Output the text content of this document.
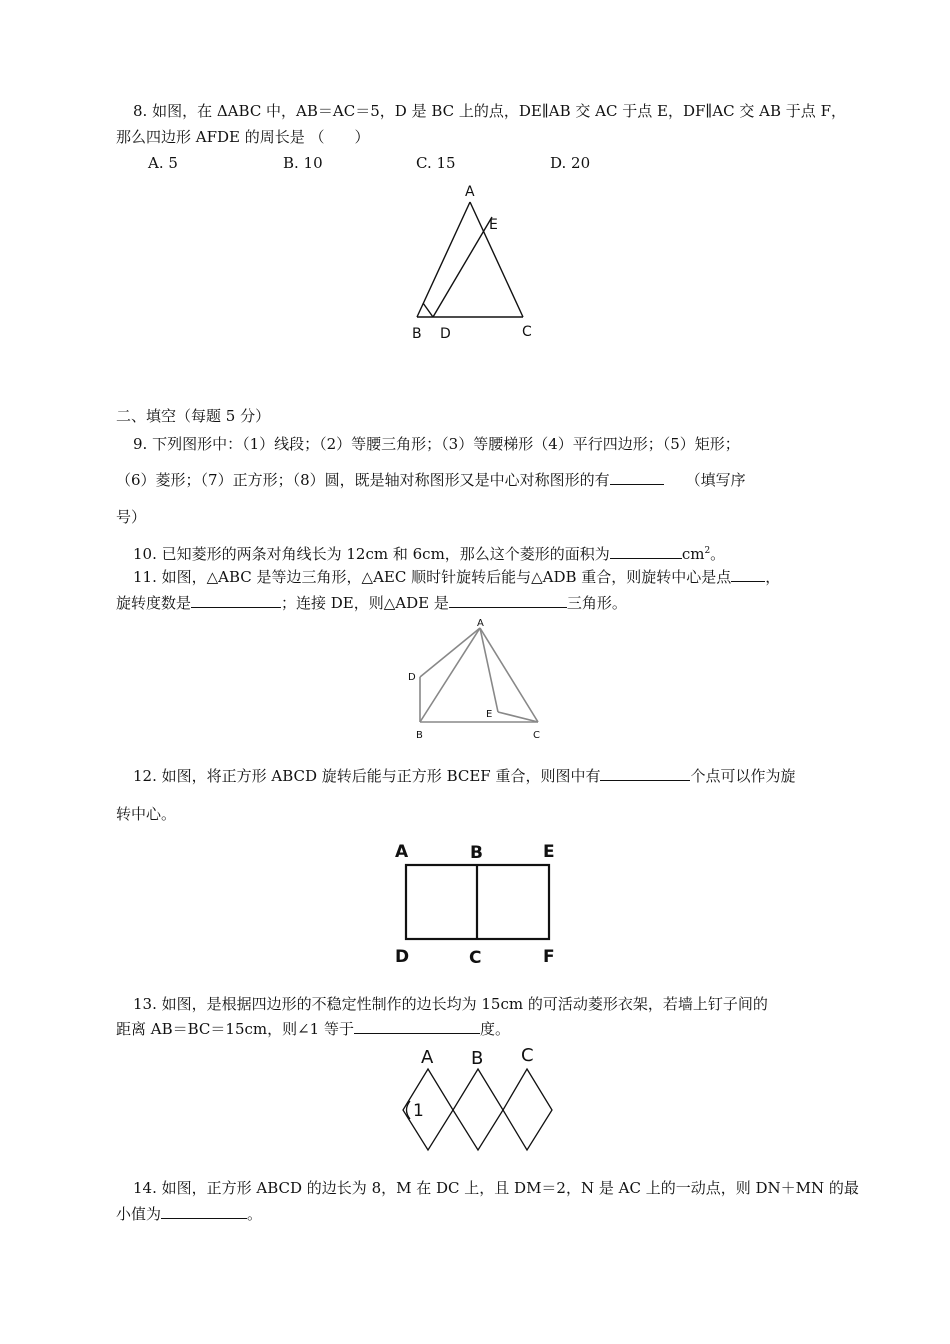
8. 如图，在 ΔABC 中，AB＝AC＝5，D 是 BC 上的点，DE∥AB 交 AC 于点 E，DF∥AC 交 AB 于点 F，
那么四边形 AFDE 的周长是 （　　）
A. 5	B. 10	C. 15	D. 20
A
E
B D	C
二、填空（每题 5 分）
9. 下列图形中：（1）线段；（2）等腰三角形；（3）等腰梯形（4）平行四边形；（5）矩形；
（6）菱形；（7）正方形；（8）圆，既是轴对称图形又是中心对称图形的有	（填写序
号）
10. 已知菱形的两条对角线长为 12cm 和 6cm，那么这个菱形的面积为	$cm^2$。
11. 如图，△ABC 是等边三角形，△AEC 顺时针旋转后能与△ADB 重合，则旋转中心是点 ，
旋转度数是	；连接 DE，则△ADE 是	三角形。
A
D
E
B	C
12. 如图，将正方形 ABCD 旋转后能与正方形 BCEF 重合，则图中有	个点可以作为旋
转中心。
A	B	E
D	C	F
13. 如图，是根据四边形的不稳定性制作的边长均为 15cm 的可活动菱形衣架，若墙上钉子间的
距离 AB＝BC＝15cm，则∠1 等于	度。
A B C
1
14. 如图，正方形 ABCD 的边长为 8，M 在 DC 上，且 DM＝2，N 是 AC 上的一动点，则 DN＋MN 的最
小值为	。
